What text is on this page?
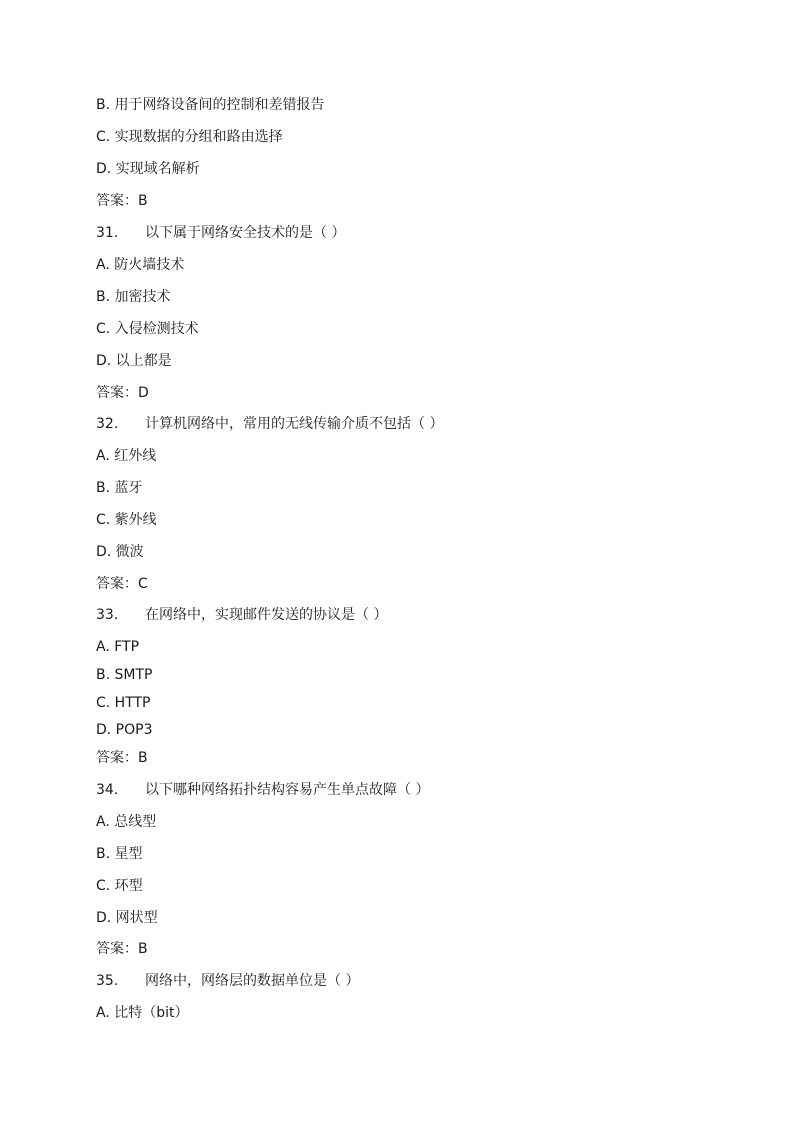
B. 用于网络设备间的控制和差错报告
C. 实现数据的分组和路由选择
D. 实现域名解析
答案：B
31. 以下属于网络安全技术的是（ ）
A. 防火墙技术
B. 加密技术
C. 入侵检测技术
D. 以上都是
答案：D
32. 计算机网络中，常用的无线传输介质不包括（ ）
A. 红外线
B. 蓝牙
C. 紫外线
D. 微波
答案：C
33. 在网络中，实现邮件发送的协议是（ ）
A. FTP
B. SMTP
C. HTTP
D. POP3
答案：B
34. 以下哪种网络拓扑结构容易产生单点故障（ ）
A. 总线型
B. 星型
C. 环型
D. 网状型
答案：B
35. 网络中，网络层的数据单位是（ ）
A. 比特（bit）
